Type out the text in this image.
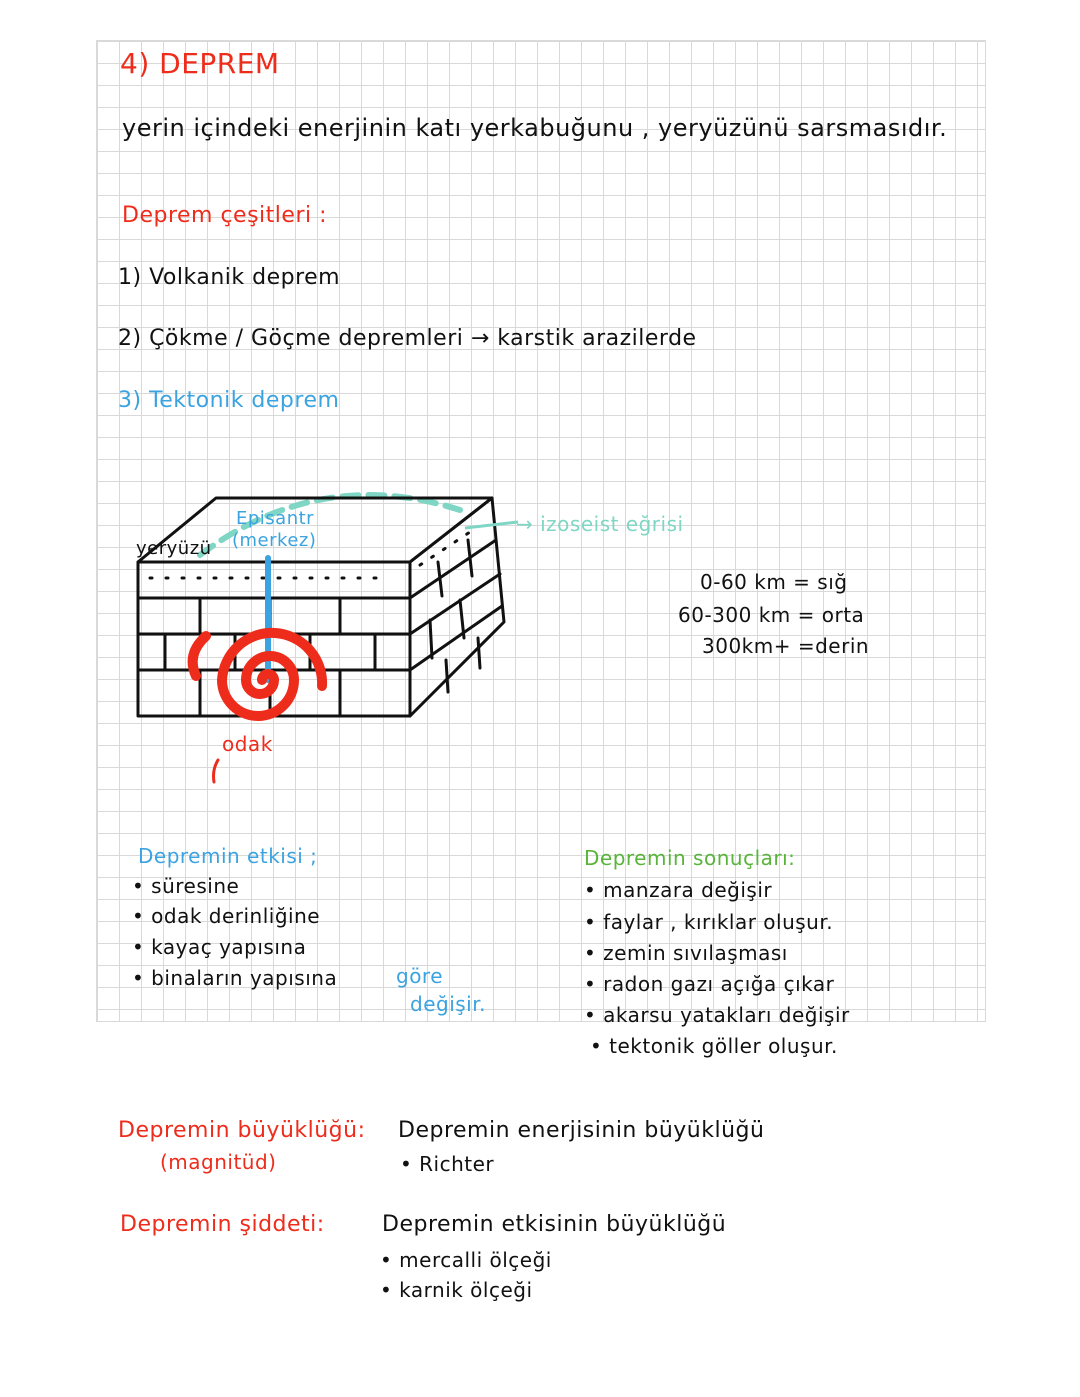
4) DEPREM
yerin içindeki enerjinin katı yerkabuğunu , yeryüzünü sarsmasıdır.
Deprem çeşitleri :
1) Volkanik deprem
2) Çökme / Göçme depremleri → karstik arazilerde
3) Tektonik deprem
yeryüzü
Episantr
(merkez)
→ izoseist eğrisi
odak
0-60 km = sığ
60-300 km = orta
300km+ =derin
Depremin etkisi ;
• süresine
• odak derinliğine
• kayaç yapısına
• binaların yapısına	göre
değişir.
Depremin sonuçları:
• manzara değişir
• faylar , kırıklar oluşur.
• zemin sıvılaşması
• radon gazı açığa çıkar
• akarsu yatakları değişir
• tektonik göller oluşur.
Depremin büyüklüğü:
(magnitüd)
Depremin enerjisinin büyüklüğü
• Richter
Depremin şiddeti:	Depremin etkisinin büyüklüğü
• mercalli ölçeği
• karnik ölçeği
